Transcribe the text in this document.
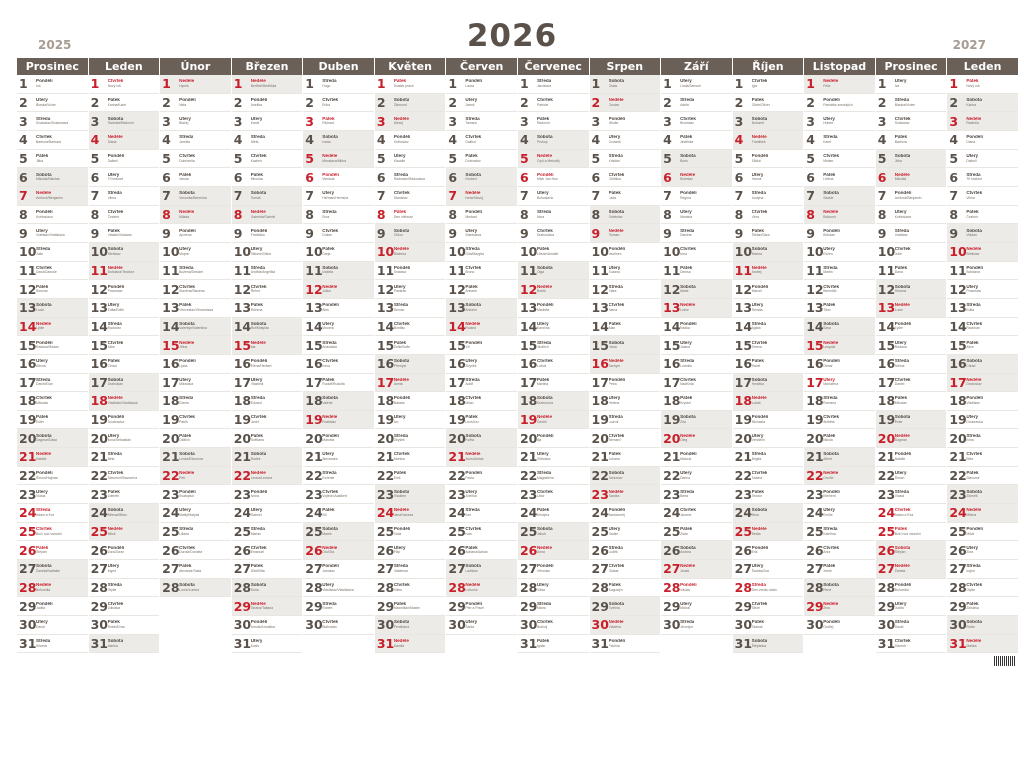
2025	2026	2027
Prosinec
1	Pondělí
Iva
2	Úterý
Blanka/Vivien
3	Středa
Svatoslav/Svatoslava
4	Čtvrtek
Barbora/Barbara
5	Pátek
Jitka
6	Sobota
Mikuláš/Nikolas
7	Neděle
Ambrož/Benjamin
8	Pondělí
Květoslava
9	Úterý
Vratislav/Vratislava
10 Středa
Julie
11 Čtvrtek
Dana/Danuše
12 Pátek
Simona
13 Sobota
Lucie
14 Neděle
Lýdie
15 Pondělí
Radana/Radan
16 Úterý
Albína
17 Středa
Daniel/Dan
18 Čtvrtek
Miloslav
19 Pátek
Ester
20 Sobota
Dagmar/Dáša
21 Neděle
Natálie
22 Pondělí
Šimon/Hajman
23 Úterý
Vlasta
24 Středa
Adam a Eva
25 Čtvrtek
Boží hod vánoční
26 Pátek
Štěpán
27 Sobota
Žaneta/Nathalie
28 Neděle
Bohumila
29 Pondělí
Judita
30 Úterý
David
31 Středa
Silvestr
Leden
1	Čtvrtek
Nový rok
2	Pátek
Karina/Karin
3	Sobota
Radmila/Radomír
4	Neděle
Diana
5	Pondělí
Dalimil
6	Úterý
Tři králové
7	Středa
Vilma
8	Čtvrtek
Čestmír
9	Pátek
Vladan/Vladana
10 Sobota
Břetislav
11 Neděle
Bohdana/Teodora
12 Pondělí
Pravoslav
13 Úterý
Edita/Edith
14 Středa
Radovan
15 Čtvrtek
Alice
16 Pátek
Ctirad
17 Sobota
Drahoslav
18 Neděle
Vladislav/Vladislava
19 Pondělí
Doubravka
20 Úterý
Ilona/Sebastián
21 Středa
Běla
22 Čtvrtek
Slavomír/Slavomíra
23 Pátek
Zdeněk
24 Sobota
Milena/Milan
25 Neděle
Miloš
26 Pondělí
Zora/Zoran
27 Úterý
Ingrid
28 Středa
Otýlie
29 Čtvrtek
Zdislava
30 Pátek
Robin/Erna
31 Sobota
Marika
Únor
1	Neděle
Hynek
2	Pondělí
Nela
3	Úterý
Blažej
4	Středa
Jarmila
5	Čtvrtek
Dobromila
6	Pátek
Vanda
7	Sobota
Veronika/Berenika
8	Neděle
Milada
9	Pondělí
Apolena
10 Úterý
Mojmír
11 Středa
Božena/Desider
12 Čtvrtek
Slavěna/Slavena
13 Pátek
Věnceslav/Věnceslava
14 Sobota
Valentýn/Valentina
15 Neděle
Jiřina
16 Pondělí
Ljuba
17 Úterý
Miloslava
18 Středa
Gizela
19 Čtvrtek
Patrik
20 Pátek
Oldřich
21 Sobota
Lenka/Eleonora
22 Neděle
Petr
23 Pondělí
Svatopluk
24 Úterý
Matěj/Matyáš
25 Středa
Liliana
26 Čtvrtek
Dorota/Dorotea
27 Pátek
Alexandr/Saša
28 Sobota
Lumír/Lumíra
Březen
1	Neděle
Bedřich/Bedřiška
2	Pondělí
Anežka
3	Úterý
Kamil
4	Středa
Stela
5	Čtvrtek
Kazimír
6	Pátek
Miroslav
7	Sobota
Tomáš
8	Neděle
Gabriela/Gabriel
9	Pondělí
Františka
10 Úterý
Viktorie/Viktor
11 Středa
Anděla/Angelika
12 Čtvrtek
Řehoř
13 Pátek
Růžena
14 Sobota
Rút/Matylda
15 Neděle
Ida
16 Pondělí
Elena/Herbert
17 Úterý
Vlastimil
18 Středa
Eduard
19 Čtvrtek
Josef
20 Pátek
Světlana
21 Sobota
Radek
22 Neděle
Leona/Levona
23 Pondělí
Ivona
24 Úterý
Gabriel
25 Středa
Marián
26 Čtvrtek
Emanuel
27 Pátek
Dita/Ditta
28 Sobota
Soňa
29 Neděle
Taťána/Tatiana
30 Pondělí
Arnošt/Arnoštka
31 Úterý
Kvido
Duben
1	Středa
Hugo
2	Čtvrtek
Erika
3	Pátek
Richard
4	Sobota
Ivana
5	Neděle
Miroslava/Mirka
6	Pondělí
Vendula
7	Úterý
Heřman/Hermína
8	Středa
Ema
9	Čtvrtek
Dušan
10 Pátek
Darja
11 Sobota
Izabela
12 Neděle
Julius
13 Pondělí
Aleš
14 Úterý
Vincenc
15 Středa
Anastázie
16 Čtvrtek
Irena
17 Pátek
Rudolf/Rudolfa
18 Sobota
Valérie
19 Neděle
Rostislav
20 Pondělí
Marcela
21 Úterý
Alexandra
22 Středa
Evženie
23 Čtvrtek
Vojtěch/Adalbert
24 Pátek
Jiří
25 Sobota
Marek
26 Neděle
Oto/Ota
27 Pondělí
Jaroslav
28 Úterý
Vlastislav/Vlastislava
29 Středa
Robert
30 Čtvrtek
Blahoslav
Květen
1	Pátek
Svátek práce
2	Sobota
Zikmund
3	Neděle
Alexej
4	Pondělí
Květoslav
5	Úterý
Klaudie
6	Středa
Radoslav/Radoslava
7	Čtvrtek
Stanislav
8	Pátek
Den vítězství
9	Sobota
Ctibor
10 Neděle
Blažena
11 Pondělí
Svatava
12 Úterý
Pankrác
13 Středa
Servác
14 Čtvrtek
Bonifác
15 Pátek
Žofie/Sofie
16 Sobota
Přemysl
17 Neděle
Aneta
18 Pondělí
Nataša
19 Úterý
Ivo
20 Středa
Zbyšek
21 Čtvrtek
Monika
22 Pátek
Emil
23 Sobota
Vladimír
24 Neděle
Jana/Vanesa
25 Pondělí
Viola
26 Úterý
Filip
27 Středa
Valdemar
28 Čtvrtek
Vilém
29 Pátek
Maxmilián/Maxim
30 Sobota
Ferdinand
31 Neděle
Kamila
Červen
1	Pondělí
Laura
2	Úterý
Jarmil
3	Středa
Tamara
4	Čtvrtek
Dalibor
5	Pátek
Dobroslav
6	Sobota
Norbert
7	Neděle
Iveta/Slavoj
8	Pondělí
Medard
9	Úterý
Stanislava
10 Středa
Gita/Margita
11 Čtvrtek
Bruno
12 Pátek
Antonie
13 Sobota
Antonín
14 Neděle
Roland
15 Pondělí
Vít
16 Úterý
Zbyněk
17 Středa
Adolf
18 Čtvrtek
Milan
19 Pátek
Leoš/Leo
20 Sobota
Květa
21 Neděle
Alois/Aloisie
22 Pondělí
Pavla
23 Úterý
Zdeňka
24 Středa
Jan
25 Čtvrtek
Ivan
26 Pátek
Adriana/Adrian
27 Sobota
Ladislav
28 Neděle
Lubomír
29 Pondělí
Petr a Pavel
30 Úterý
Šárka
Červenec
1	Středa
Jaroslava
2	Čtvrtek
Patricie
3	Pátek
Radomír
4	Sobota
Prokop
5	Neděle
Cyril a Metoděj
6	Pondělí
Mistr Jan Hus
7	Úterý
Bohuslava
8	Středa
Nora
9	Čtvrtek
Drahoslava
10 Pátek
Libuše/Amálie
11 Sobota
Olga
12 Neděle
Bořek
13 Pondělí
Markéta
14 Úterý
Karolína
15 Středa
Jindřich
16 Čtvrtek
Luboš
17 Pátek
Martina
18 Sobota
Drahomíra
19 Neděle
Čeněk
20 Pondělí
Ilja
21 Úterý
Vítězslav
22 Středa
Magdaléna
23 Čtvrtek
Libor
24 Pátek
Kristýna
25 Sobota
Jakub
26 Neděle
Anna
27 Pondělí
Věroslav
28 Úterý
Viktor
29 Středa
Marta
30 Čtvrtek
Bořivoj
31 Pátek
Ignác
Srpen
1	Sobota
Oskar
2	Neděle
Gustav
3	Pondělí
Miluše
4	Úterý
Dominik
5	Středa
Kristián
6	Čtvrtek
Oldřiška
7	Pátek
Lada
8	Sobota
Soběslav
9	Neděle
Roman
10 Pondělí
Vavřinec
11 Úterý
Zuzana
12 Středa
Klára
13 Čtvrtek
Alena
14 Pátek
Alan
15 Sobota
Hana
16 Neděle
Jáchym
17 Pondělí
Petra
18 Úterý
Helena
19 Středa
Ludvík
20 Čtvrtek
Bernard
21 Pátek
Johana
22 Sobota
Bohuslav
23 Neděle
Sandra
24 Pondělí
Bartoloměj
25 Úterý
Radim
26 Středa
Luděk
27 Čtvrtek
Otakar
28 Pátek
Augustýn
29 Sobota
Evelína
30 Neděle
Vladěna
31 Pondělí
Pavlína
Září
1	Úterý
Linda/Samuel
2	Středa
Adéla
3	Čtvrtek
Bronislav
4	Pátek
Jindřiška
5	Sobota
Boris
6	Neděle
Boleslav
7	Pondělí
Regína
8	Úterý
Mariana
9	Středa
Daniela
10 Čtvrtek
Irma
11 Pátek
Denisa
12 Sobota
Marie
13 Neděle
Lubor
14 Pondělí
Radka
15 Úterý
Jolana
16 Středa
Ludmila
17 Čtvrtek
Naděžda
18 Pátek
Kryštof
19 Sobota
Zita
20 Neděle
Oleg
21 Pondělí
Matouš
22 Úterý
Darina
23 Středa
Berta
24 Čtvrtek
Jaromír
25 Pátek
Zlata
26 Sobota
Andrea
27 Neděle
Jonáš
28 Pondělí
Václav
29 Úterý
Michal
30 Středa
Jeroným
Říjen
1	Čtvrtek
Igor
2	Pátek
Olivie/Oliver
3	Sobota
Bohumil
4	Neděle
František
5	Pondělí
Eliška
6	Úterý
Hanuš
7	Středa
Justýna
8	Čtvrtek
Věra
9	Pátek
Štefan/Sára
10 Sobota
Marina
11 Neděle
Andrej
12 Pondělí
Marcel
13 Úterý
Renáta
14 Středa
Agáta
15 Čtvrtek
Tereza
16 Pátek
Havel
17 Sobota
Hedvika
18 Neděle
Lukáš
19 Pondělí
Michaela
20 Úterý
Vendelín
21 Středa
Brigita
22 Čtvrtek
Sabina
23 Pátek
Teodor
24 Sobota
Nina
25 Neděle
Beáta
26 Pondělí
Erik
27 Úterý
Šarlota/Zoe
28 Středa
Den vzniku státu
29 Čtvrtek
Silvie
30 Pátek
Tadeáš
31 Sobota
Štěpánka
Listopad
1	Neděle
Felix
2	Pondělí
Památka zesnulých
3	Úterý
Hubert
4	Středa
Karel
5	Čtvrtek
Miriam
6	Pátek
Liběna
7	Sobota
Saskie
8	Neděle
Bohumír
9	Pondělí
Bohdan
10 Úterý
Evžen
11 Středa
Martin
12 Čtvrtek
Benedikt
13 Pátek
Tibor
14 Sobota
Sáva
15 Neděle
Leopold
16 Pondělí
Otmar
17 Úterý
Mahulena
18 Středa
Romana
19 Čtvrtek
Alžběta
20 Pátek
Nikola
21 Sobota
Albert
22 Neděle
Cecílie
23 Pondělí
Klement
24 Úterý
Emílie
25 Středa
Kateřina
26 Čtvrtek
Artur
27 Pátek
Xenie
28 Sobota
René
29 Neděle
Zina
30 Pondělí
Ondřej
Prosinec
1	Úterý
Iva
2	Středa
Blanka/Vivien
3	Čtvrtek
Svatoslav
4	Pátek
Barbora
5	Sobota
Jitka
6	Neděle
Mikuláš
7	Pondělí
Ambrož/Benjamin
8	Úterý
Květoslava
9	Středa
Vratislav
10 Čtvrtek
Julie
11 Pátek
Dana
12 Sobota
Simona
13 Neděle
Lucie
14 Pondělí
Lýdie
15 Úterý
Radana
16 Středa
Albína
17 Čtvrtek
Daniel
18 Pátek
Miloslav
19 Sobota
Ester
20 Neděle
Dagmar
21 Pondělí
Natálie
22 Úterý
Šimon
23 Středa
Vlasta
24 Čtvrtek
Adam a Eva
25 Pátek
Boží hod vánoční
26 Sobota
Štěpán
27 Neděle
Žaneta
28 Pondělí
Bohumila
29 Úterý
Judita
30 Středa
David
31 Čtvrtek
Silvestr
Leden
1	Pátek
Nový rok
2	Sobota
Karina
3	Neděle
Radmila
4	Pondělí
Diana
5	Úterý
Dalimil
6	Středa
Tři králové
7	Čtvrtek
Vilma
8	Pátek
Čestmír
9	Sobota
Vladan
10 Neděle
Břetislav
11 Pondělí
Bohdana
12 Úterý
Pravoslav
13 Středa
Edita
14 Čtvrtek
Radovan
15 Pátek
Alice
16 Sobota
Ctirad
17 Neděle
Drahoslav
18 Pondělí
Vladislav
19 Úterý
Doubravka
20 Středa
Ilona
21 Čtvrtek
Běla
22 Pátek
Slavomír
23 Sobota
Zdeněk
24 Neděle
Milena
25 Pondělí
Miloš
26 Úterý
Zora
27 Středa
Ingrid
28 Čtvrtek
Otýlie
29 Pátek
Zdislava
30 Sobota
Robin
31 Neděle
Marika
